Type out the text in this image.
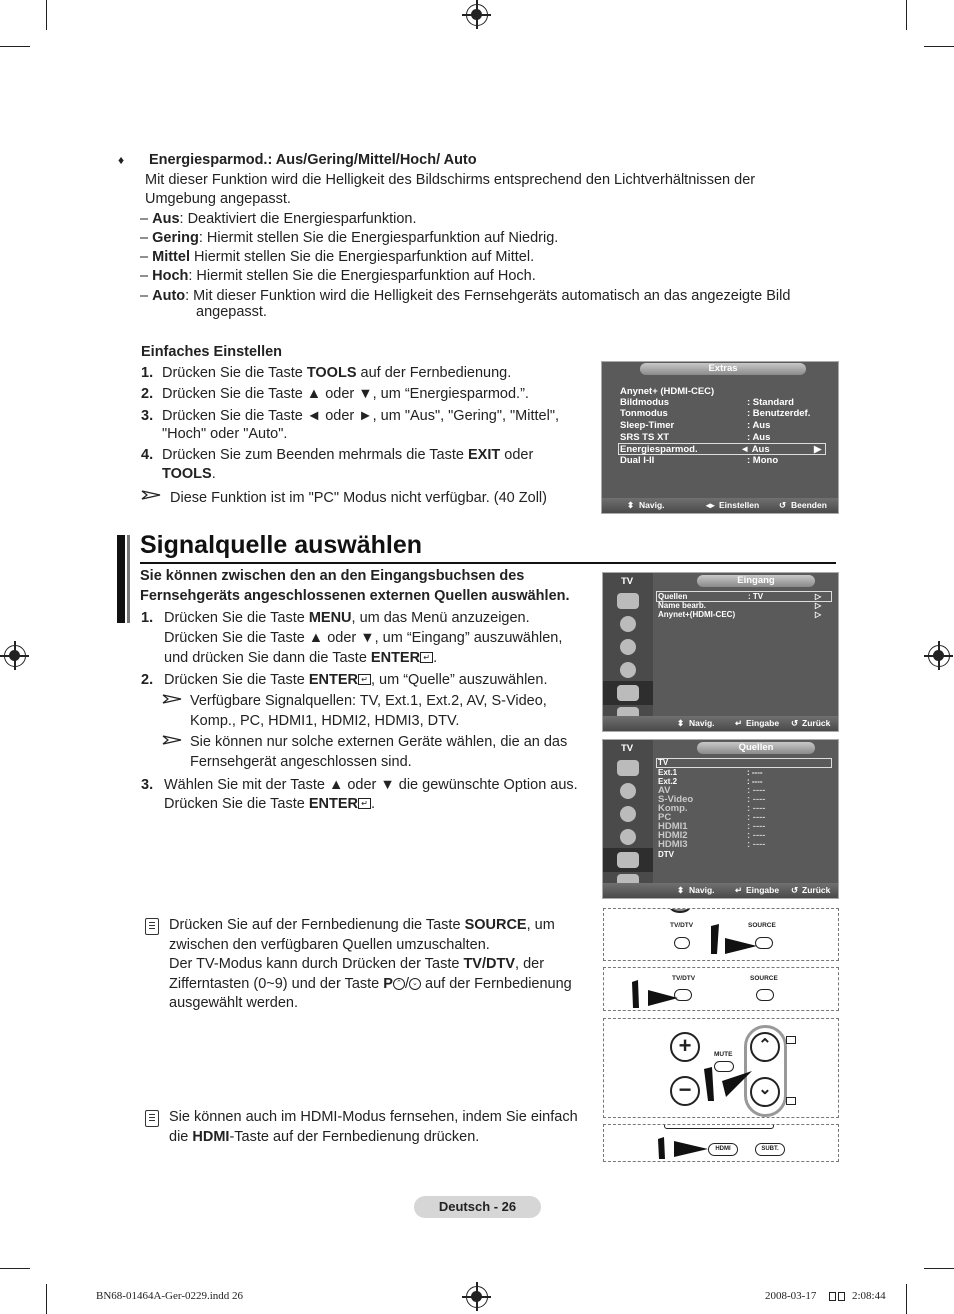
♦ Energiesparmod.: Aus/Gering/Mittel/Hoch/ Auto
Mit dieser Funktion wird die Helligkeit des Bildschirms entsprechend den Lichtverhältnissen der
Umgebung angepasst.
– Aus: Deaktiviert die Energiesparfunktion.
– Gering: Hiermit stellen Sie die Energiesparfunktion auf Niedrig.
– Mittel Hiermit stellen Sie die Energiesparfunktion auf Mittel.
– Hoch: Hiermit stellen Sie die Energiesparfunktion auf Hoch.
– Auto: Mit dieser Funktion wird die Helligkeit des Fernsehgeräts automatisch an das angezeigte Bild
angepasst.
Einfaches Einstellen
1. Drücken Sie die Taste TOOLS auf der Fernbedienung.
2. Drücken Sie die Taste ▲ oder ▼, um “Energiesparmod.”.
3. Drücken Sie die Taste ◄ oder ►, um "Aus", "Gering", "Mittel",
"Hoch" oder "Auto".
4. Drücken Sie zum Beenden mehrmals die Taste EXIT oder
TOOLS.
Diese Funktion ist im "PC" Modus nicht verfügbar. (40 Zoll)
Extras
Anynet+ (HDMI-CEC)
Bildmodus	: Standard
Tonmodus	: Benutzerdef.
Sleep-Timer	: Aus
SRS TS XT	: Aus
Energiesparmod.	◄ Aus	▶
Dual I-II	: Mono
⬍ Navig.	◂▸ Einstellen ↺ Beenden
Signalquelle auswählen
Sie können zwischen den an den Eingangsbuchsen des
Fernsehgeräts angeschlossenen externen Quellen auswählen.
1. Drücken Sie die Taste MENU, um das Menü anzuzeigen.
Drücken Sie die Taste ▲ oder ▼, um “Eingang” auszuwählen,
und drücken Sie dann die Taste ENTER ↵ .
2. Drücken Sie die Taste ENTER ↵ , um “Quelle” auszuwählen.
Verfügbare Signalquellen: TV, Ext.1, Ext.2, AV, S-Video,
Komp., PC, HDMI1, HDMI2, HDMI3, DTV.
Sie können nur solche externen Geräte wählen, die an das
Fernsehgerät angeschlossen sind.
3. Wählen Sie mit der Taste ▲ oder ▼ die gewünschte Option aus.
Drücken Sie die Taste ENTER ↵ .
TV	Eingang
Quellen	: TV	▷
Name bearb.	▷
Anynet+(HDMI-CEC)	▷
⬍ Navig. ↵ Eingabe ↺ Zurück
TV	Quellen
TV
Ext.1	: ----
Ext.2	: ----
AV	: ----
S-Video	: ----
Komp.	: ----
PC	: ----
HDMI1	: ----
HDMI2	: ----
HDMI3	: ----
DTV
⬍ Navig. ↵ Eingabe ↺ Zurück
Drücken Sie auf der Fernbedienung die Taste SOURCE, um
zwischen den verfügbaren Quellen umzuschalten.
Der TV-Modus kann durch Drücken der Taste TV/DTV, der
Zifferntasten (0~9) und der Taste P ⌃ / ⌄ auf der Fernbedienung
ausgewählt werden.
Sie können auch im HDMI-Modus fernsehen, indem Sie einfach
die HDMI-Taste auf der Fernbedienung drücken.
TV/DTV	SOURCE
TV/DTV	SOURCE
+
−
MUTE
⌃
⌄
HDMI	SUBT.
Deutsch - 26
BN68-01464A-Ger-0229.indd 26	2008-03-17	2:08:44
